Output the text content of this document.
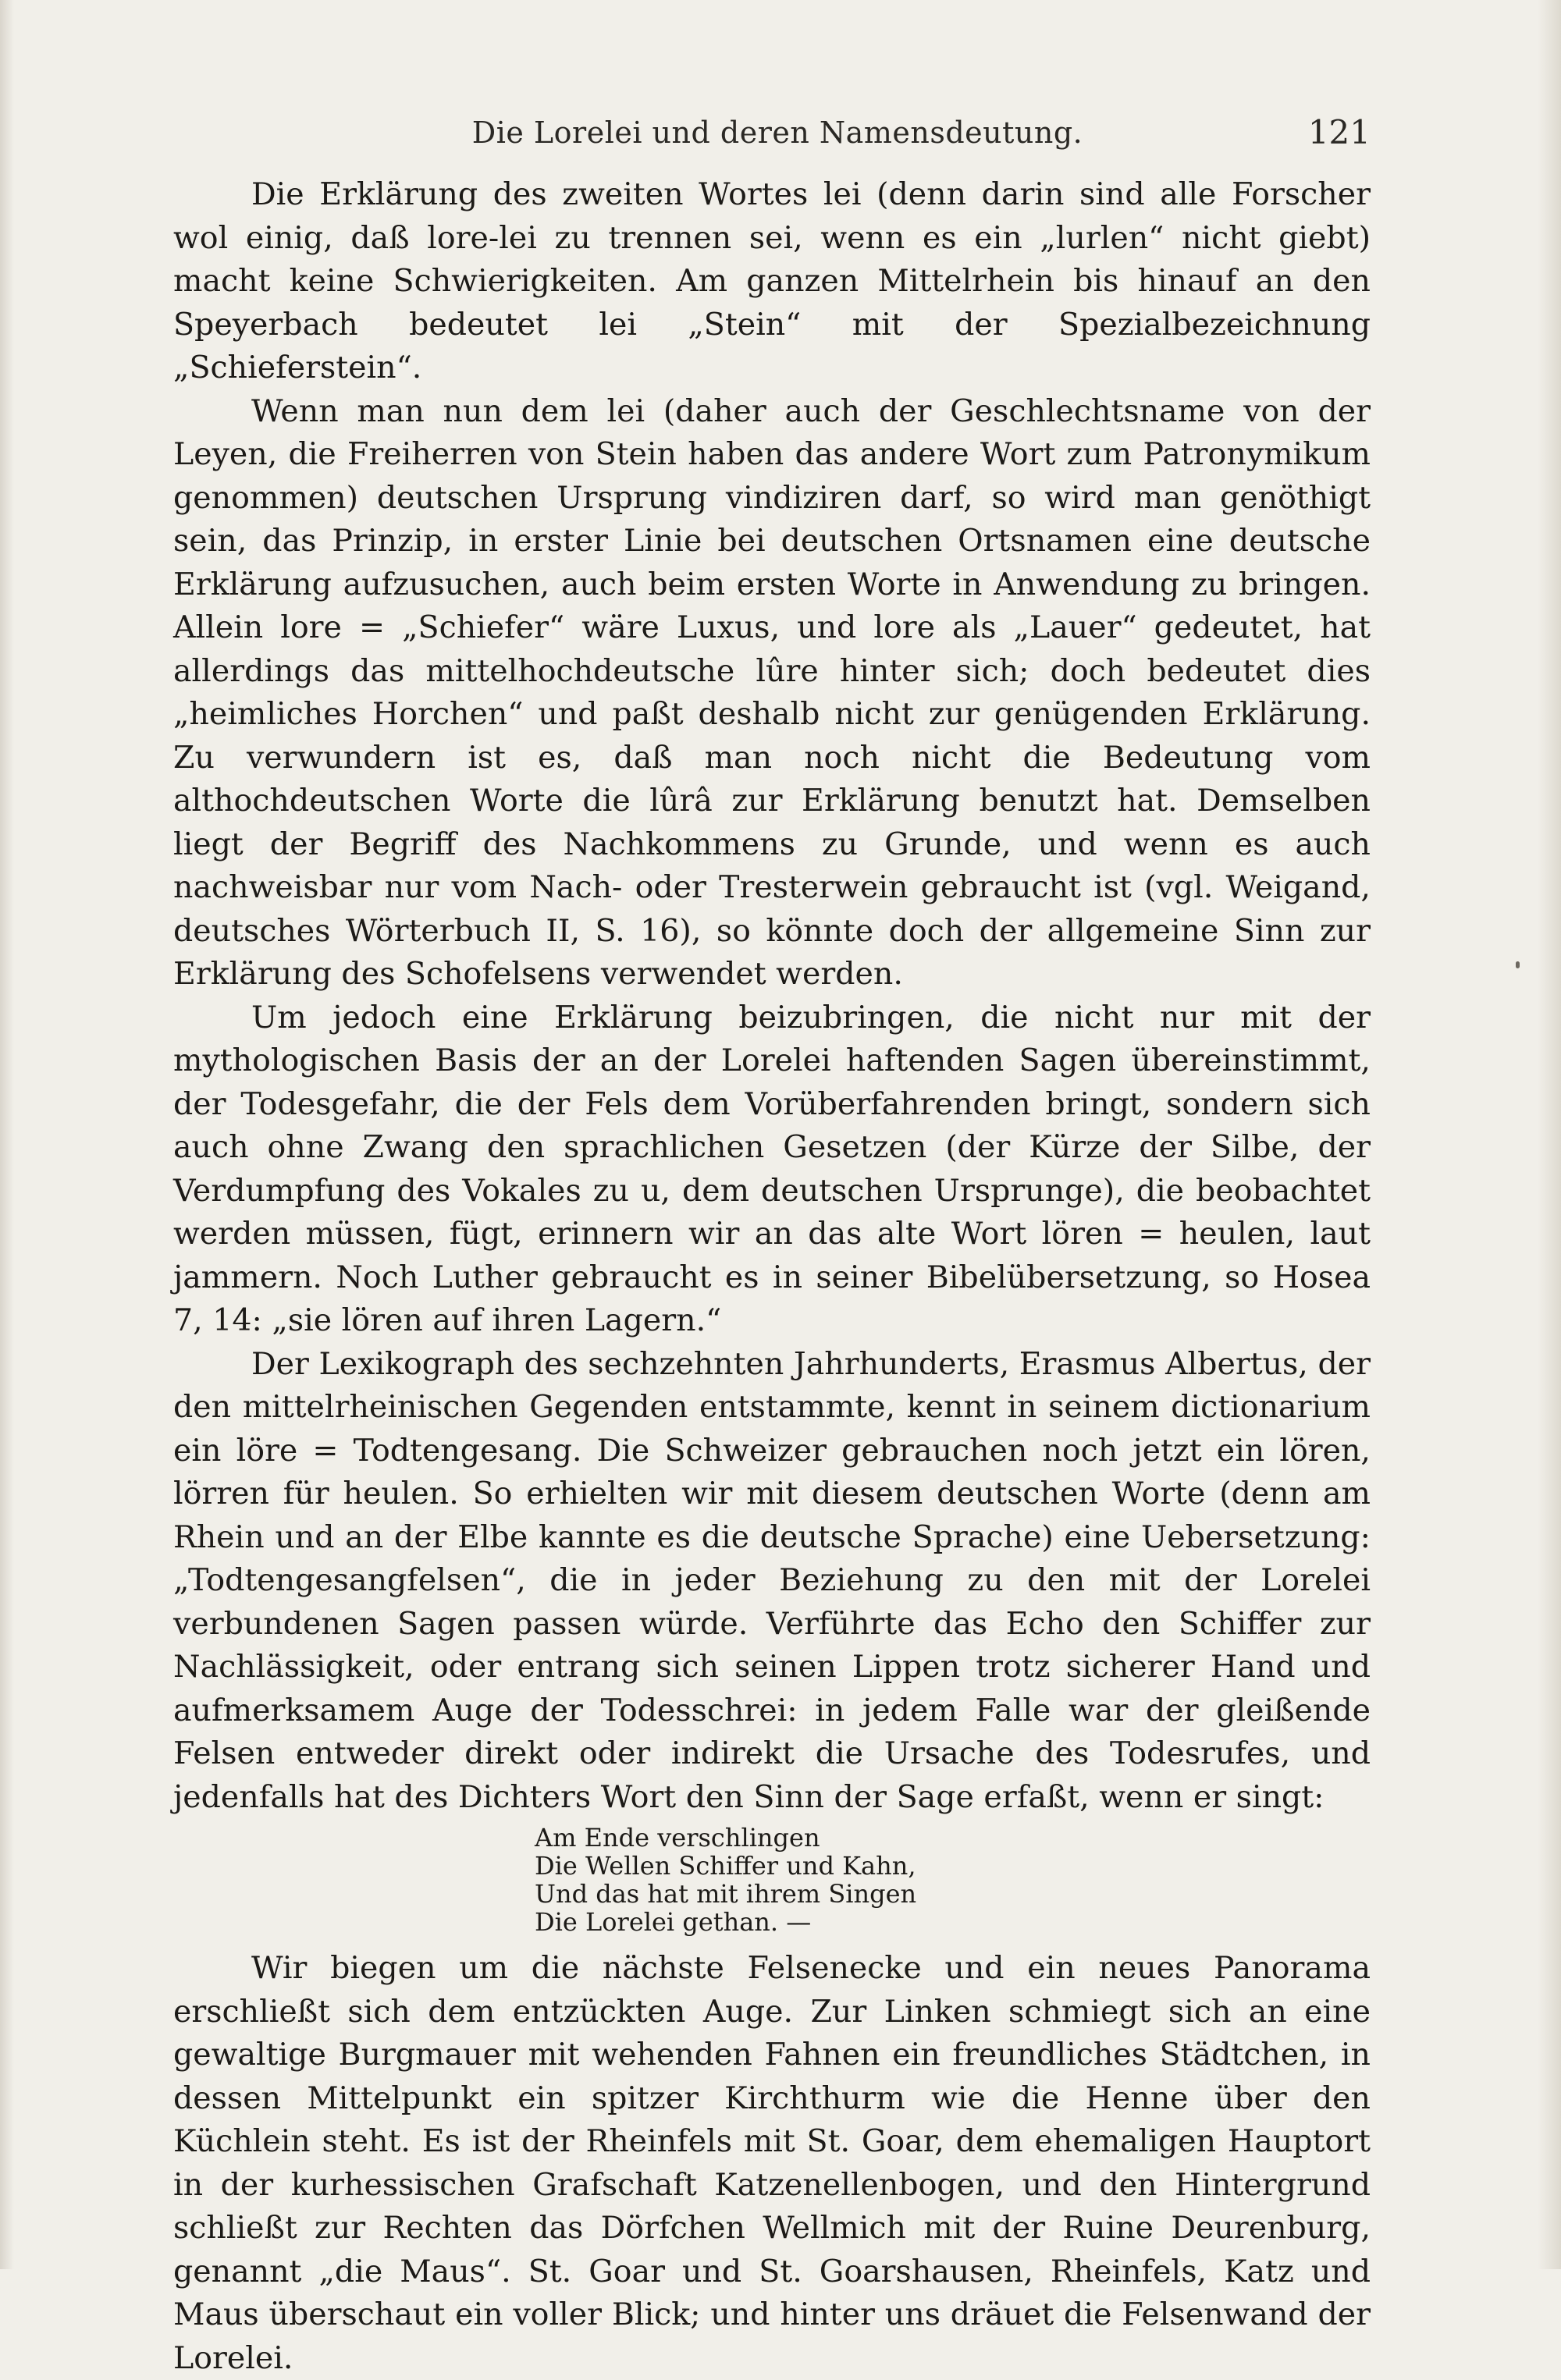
Die Lorelei und deren Namensdeutung.	121

Die Erklärung des zweiten Wortes lei (denn darin sind alle Forscher wol einig, daß lore-lei zu trennen sei, wenn es ein „lurlen“ nicht giebt) macht keine Schwierigkeiten. Am ganzen Mittelrhein bis hinauf an den Speyerbach bedeutet lei „Stein“ mit der Spezialbezeichnung „Schieferstein“.

Wenn man nun dem lei (daher auch der Geschlechtsname von der Leyen, die Freiherren von Stein haben das andere Wort zum Patronymikum genommen) deutschen Ursprung vindiziren darf, so wird man genöthigt sein, das Prinzip, in erster Linie bei deutschen Ortsnamen eine deutsche Erklärung aufzusuchen, auch beim ersten Worte in Anwendung zu bringen. Allein lore = „Schiefer“ wäre Luxus, und lore als „Lauer“ gedeutet, hat allerdings das mittelhochdeutsche lûre hinter sich; doch bedeutet dies „heimliches Horchen“ und paßt deshalb nicht zur genügenden Erklärung. Zu verwundern ist es, daß man noch nicht die Bedeutung vom althochdeutschen Worte die lûrâ zur Erklärung benutzt hat. Demselben liegt der Begriff des Nachkommens zu Grunde, und wenn es auch nachweisbar nur vom Nach- oder Tresterwein gebraucht ist (vgl. Weigand, deutsches Wörterbuch II, S. 16), so könnte doch der allgemeine Sinn zur Erklärung des Schofelsens verwendet werden.

Um jedoch eine Erklärung beizubringen, die nicht nur mit der mythologischen Basis der an der Lorelei haftenden Sagen übereinstimmt, der Todesgefahr, die der Fels dem Vorüberfahrenden bringt, sondern sich auch ohne Zwang den sprachlichen Gesetzen (der Kürze der Silbe, der Verdumpfung des Vokales zu u, dem deutschen Ursprunge), die beobachtet werden müssen, fügt, erinnern wir an das alte Wort lören = heulen, laut jammern. Noch Luther gebraucht es in seiner Bibelübersetzung, so Hosea 7, 14: „sie lören auf ihren Lagern.“

Der Lexikograph des sechzehnten Jahrhunderts, Erasmus Albertus, der den mittelrheinischen Gegenden entstammte, kennt in seinem dictionarium ein löre = Todtengesang. Die Schweizer gebrauchen noch jetzt ein lören, lörren für heulen. So erhielten wir mit diesem deutschen Worte (denn am Rhein und an der Elbe kannte es die deutsche Sprache) eine Uebersetzung: „Todtengesangfelsen“, die in jeder Beziehung zu den mit der Lorelei verbundenen Sagen passen würde. Verführte das Echo den Schiffer zur Nachlässigkeit, oder entrang sich seinen Lippen trotz sicherer Hand und aufmerksamem Auge der Todesschrei: in jedem Falle war der gleißende Felsen entweder direkt oder indirekt die Ursache des Todesrufes, und jedenfalls hat des Dichters Wort den Sinn der Sage erfaßt, wenn er singt:

Am Ende verschlingen
Die Wellen Schiffer und Kahn,
Und das hat mit ihrem Singen
Die Lorelei gethan. —

Wir biegen um die nächste Felsenecke und ein neues Panorama erschließt sich dem entzückten Auge. Zur Linken schmiegt sich an eine gewaltige Burgmauer mit wehenden Fahnen ein freundliches Städtchen, in dessen Mittelpunkt ein spitzer Kirchthurm wie die Henne über den Küchlein steht. Es ist der Rheinfels mit St. Goar, dem ehemaligen Hauptort in der kurhessischen Grafschaft Katzenellenbogen, und den Hintergrund schließt zur Rechten das Dörfchen Wellmich mit der Ruine Deurenburg, genannt „die Maus“. St. Goar und St. Goarshausen, Rheinfels, Katz und Maus überschaut ein voller Blick; und hinter uns dräuet die Felsenwand der Lorelei.
